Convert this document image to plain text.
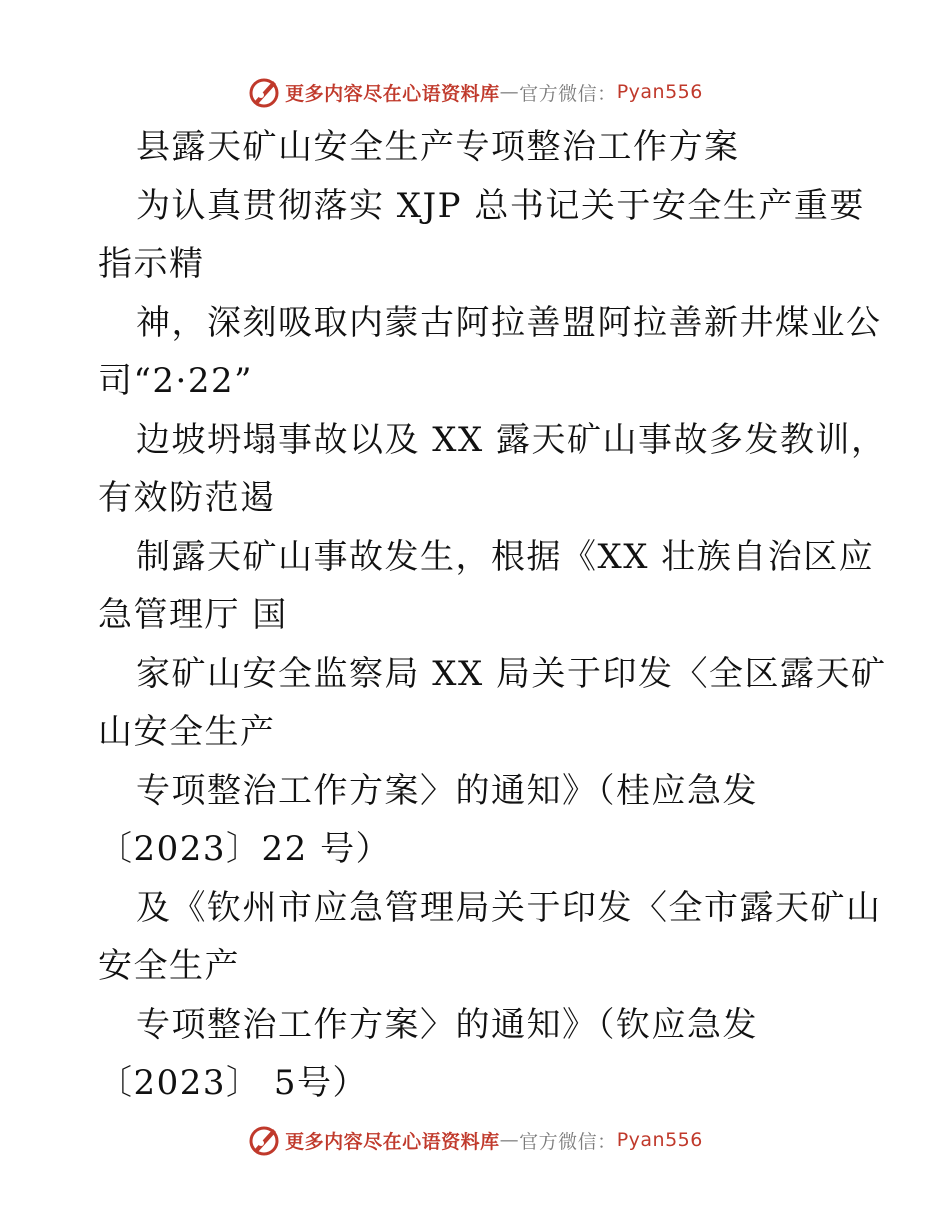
更多内容尽在心语资料库 — 官方微信： Pyan556
县露天矿山安全生产专项整治工作方案
为认真贯彻落实 XJP 总书记关于安全生产重要
指示精
神，深刻吸取内蒙古阿拉善盟阿拉善新井煤业公
司“2·22”
边坡坍塌事故以及 XX 露天矿山事故多发教训，
有效防范遏
制露天矿山事故发生，根据《XX 壮族自治区应
急管理厅 国
家矿山安全监察局 XX 局关于印发〈全区露天矿
山安全生产
专项整治工作方案〉的通知》（桂应急发
〔2023〕22 号）
及《钦州市应急管理局关于印发〈全市露天矿山
安全生产
专项整治工作方案〉的通知》（钦应急发
〔2023〕 5号）
更多内容尽在心语资料库 — 官方微信： Pyan556
